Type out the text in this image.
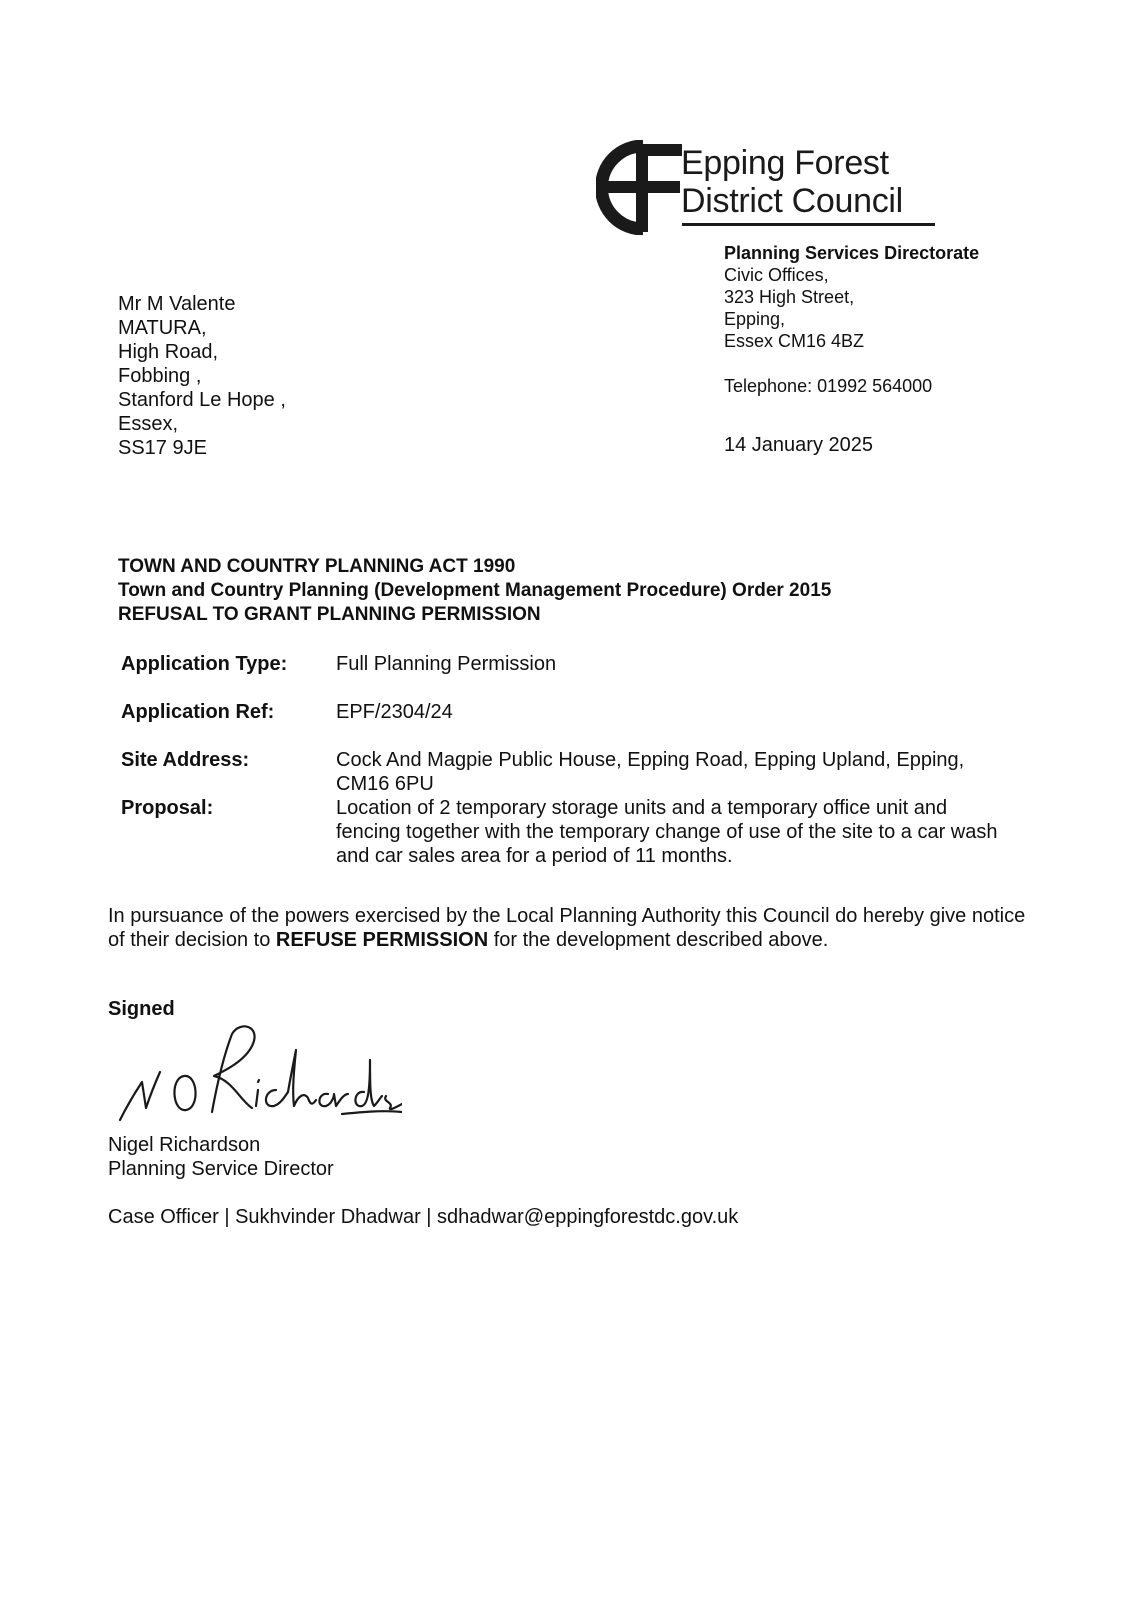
Epping Forest
District Council
Planning Services Directorate
Civic Offices,
323 High Street,
Epping,
Essex CM16 4BZ
Telephone: 01992 564000
14 January 2025
Mr M Valente
MATURA,
High Road,
Fobbing ,
Stanford Le Hope ,
Essex,
SS17 9JE
TOWN AND COUNTRY PLANNING ACT 1990
Town and Country Planning (Development Management Procedure) Order 2015
REFUSAL TO GRANT PLANNING PERMISSION
Application Type: Full Planning Permission
Application Ref:	EPF/2304/24
Site Address:	Cock And Magpie Public House, Epping Road, Epping Upland, Epping, CM16 6PU
Proposal:	Location of 2 temporary storage units and a temporary office unit and fencing together with the temporary change of use of the site to a car wash and car sales area for a period of 11 months.
In pursuance of the powers exercised by the Local Planning Authority this Council do hereby give notice of their decision to REFUSE PERMISSION for the development described above.
Signed
Nigel Richardson
Planning Service Director
Case Officer | Sukhvinder Dhadwar | sdhadwar@eppingforestdc.gov.uk
